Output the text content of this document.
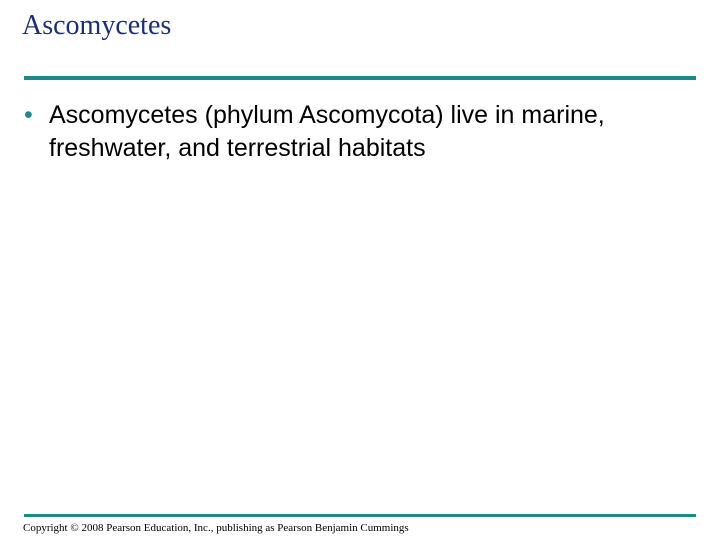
Ascomycetes
• Ascomycetes (phylum Ascomycota) live in marine, freshwater, and terrestrial habitats
Copyright © 2008 Pearson Education, Inc., publishing as Pearson Benjamin Cummings
